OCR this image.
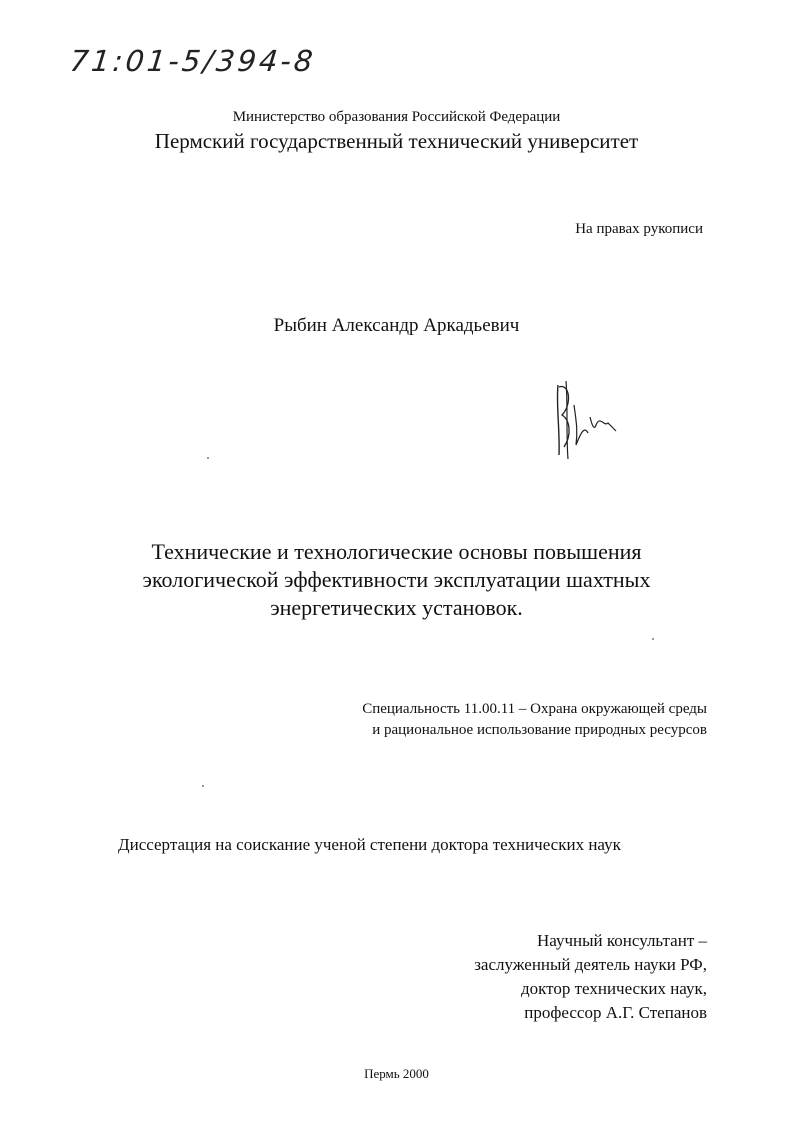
71:01-5/394-8
Министерство образования Российской Федерации
Пермский государственный технический университет
На правах рукописи
Рыбин Александр Аркадьевич
Технические и технологические основы повышения
экологической эффективности эксплуатации шахтных
энергетических установок.
Специальность 11.00.11 – Охрана окружающей среды
и рациональное использование природных ресурсов
Диссертация на соискание ученой степени доктора технических наук
Научный консультант –
заслуженный деятель науки РФ,
доктор технических наук,
профессор А.Г. Степанов
Пермь 2000
